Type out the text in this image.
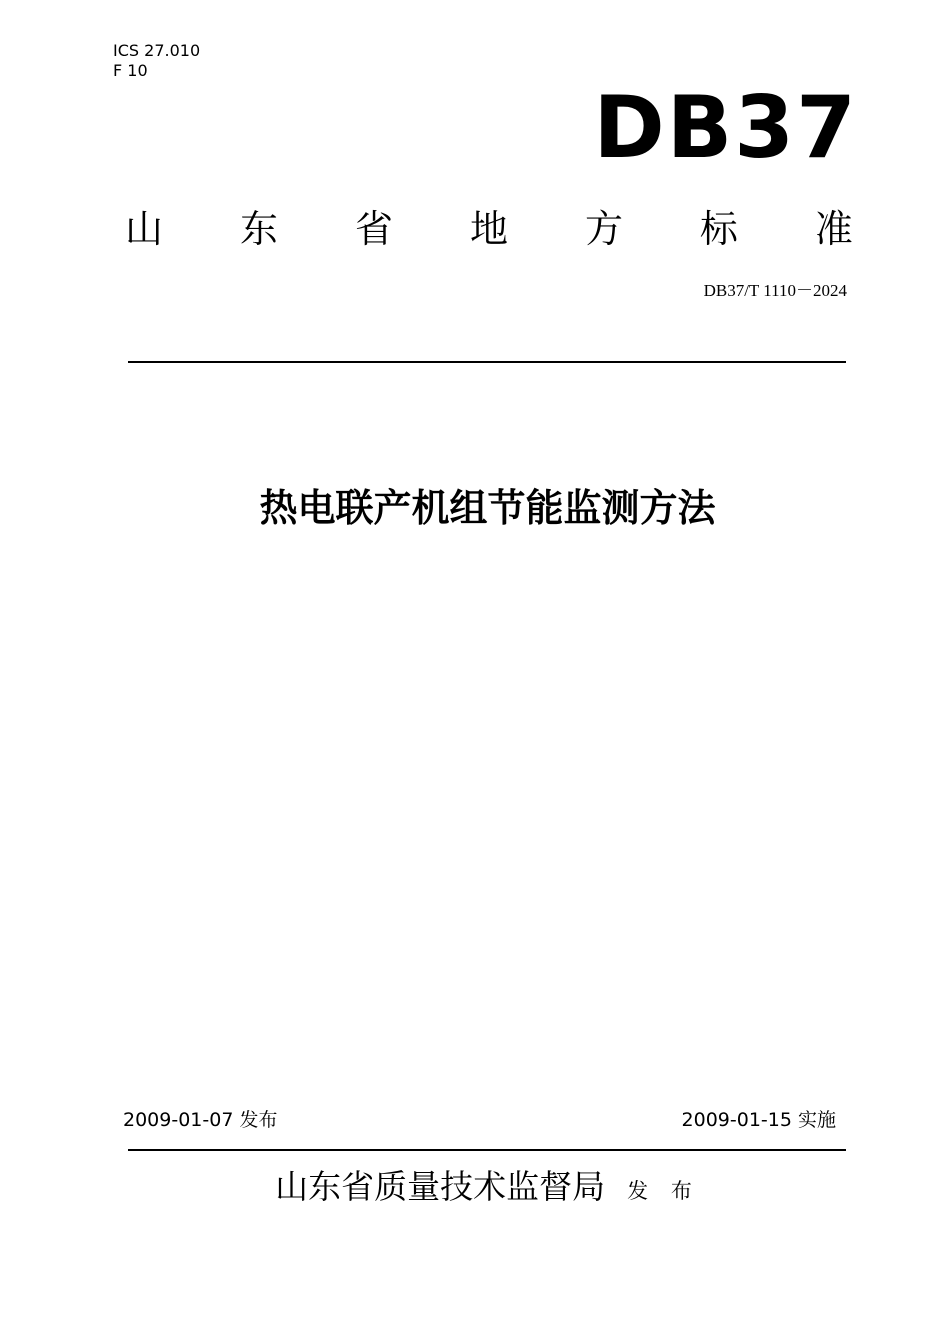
ICS 27.010
F 10
DB37
山 东 省 地 方 标 准
DB37/T 1110－2024
热电联产机组节能监测方法
2009-01-07 发布	2009-01-15 实施
山东省质量技术监督局 发 布
